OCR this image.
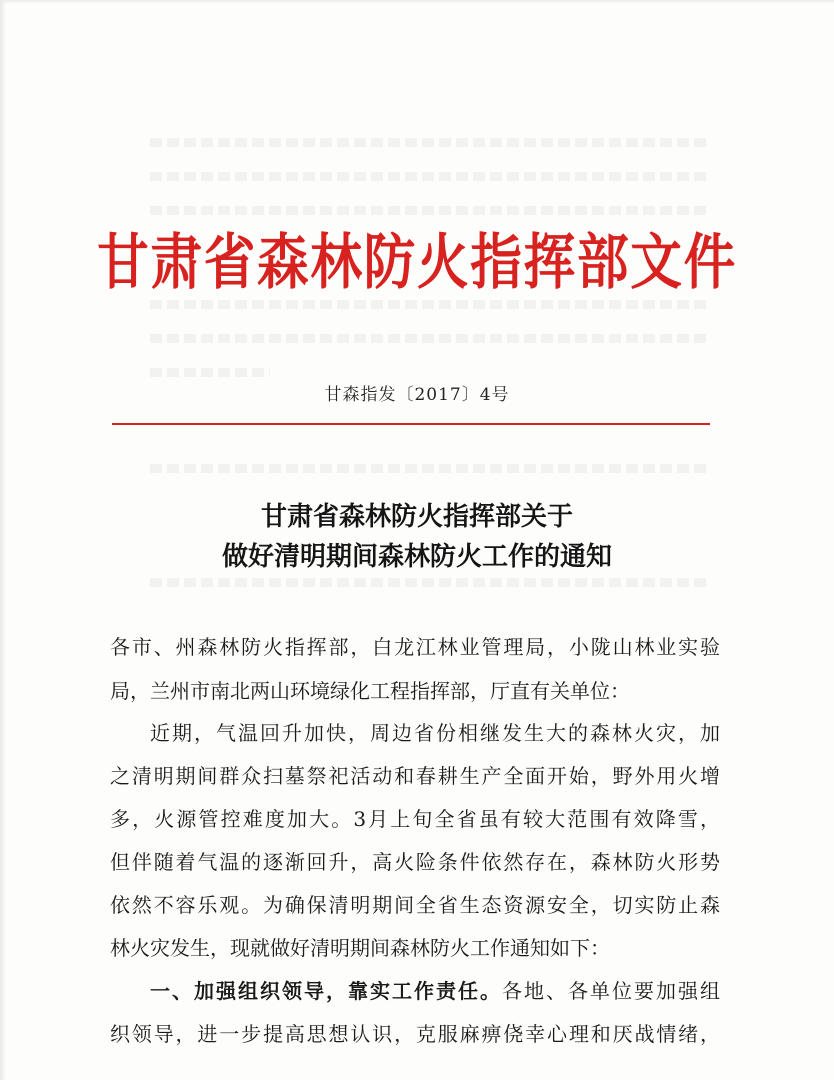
甘肃省森林防火指挥部文件
甘森指发〔2017〕4号
甘肃省森林防火指挥部关于
做好清明期间森林防火工作的通知
各市、州森林防火指挥部，白龙江林业管理局，小陇山林业实验
局，兰州市南北两山环境绿化工程指挥部，厅直有关单位：
近期，气温回升加快，周边省份相继发生大的森林火灾，加
之清明期间群众扫墓祭祀活动和春耕生产全面开始，野外用火增
多，火源管控难度加大。3月上旬全省虽有较大范围有效降雪，
但伴随着气温的逐渐回升，高火险条件依然存在，森林防火形势
依然不容乐观。为确保清明期间全省生态资源安全，切实防止森
林火灾发生，现就做好清明期间森林防火工作通知如下：
一、加强组织领导，靠实工作责任。各地、各单位要加强组
织领导，进一步提高思想认识，克服麻痹侥幸心理和厌战情绪，
